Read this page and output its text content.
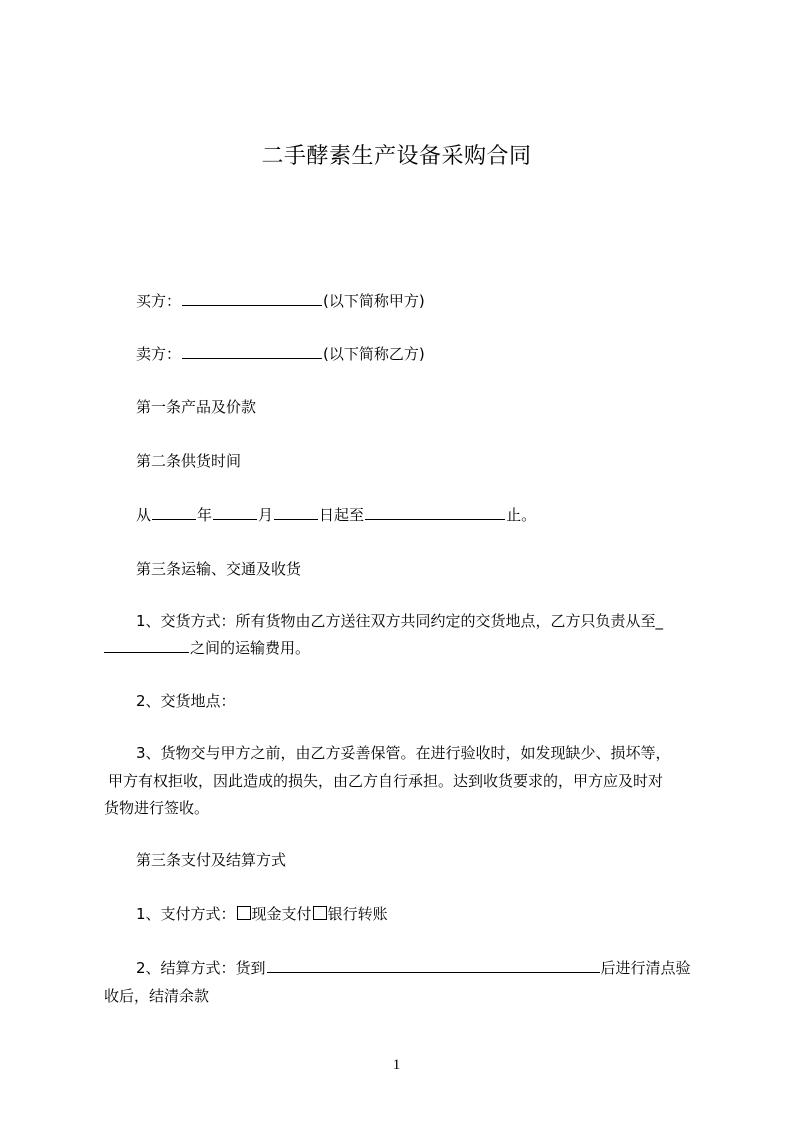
二手酵素生产设备采购合同
买方：	(以下简称甲方)
卖方：	(以下简称乙方)
第一条产品及价款
第二条供货时间
从	年	月	日起至	止。
第三条运输、交通及收货
1、交货方式：所有货物由乙方送往双方共同约定的交货地点，乙方只负责从至_
之间的运输费用。
2、交货地点：
3、货物交与甲方之前，由乙方妥善保管。在进行验收时，如发现缺少、损坏等，
甲方有权拒收，因此造成的损失，由乙方自行承担。达到收货要求的，甲方应及时对
货物进行签收。
第三条支付及结算方式
1、支付方式： 现金支付 银行转账
2、结算方式：货到	后进行清点验
收后，结清余款
1
